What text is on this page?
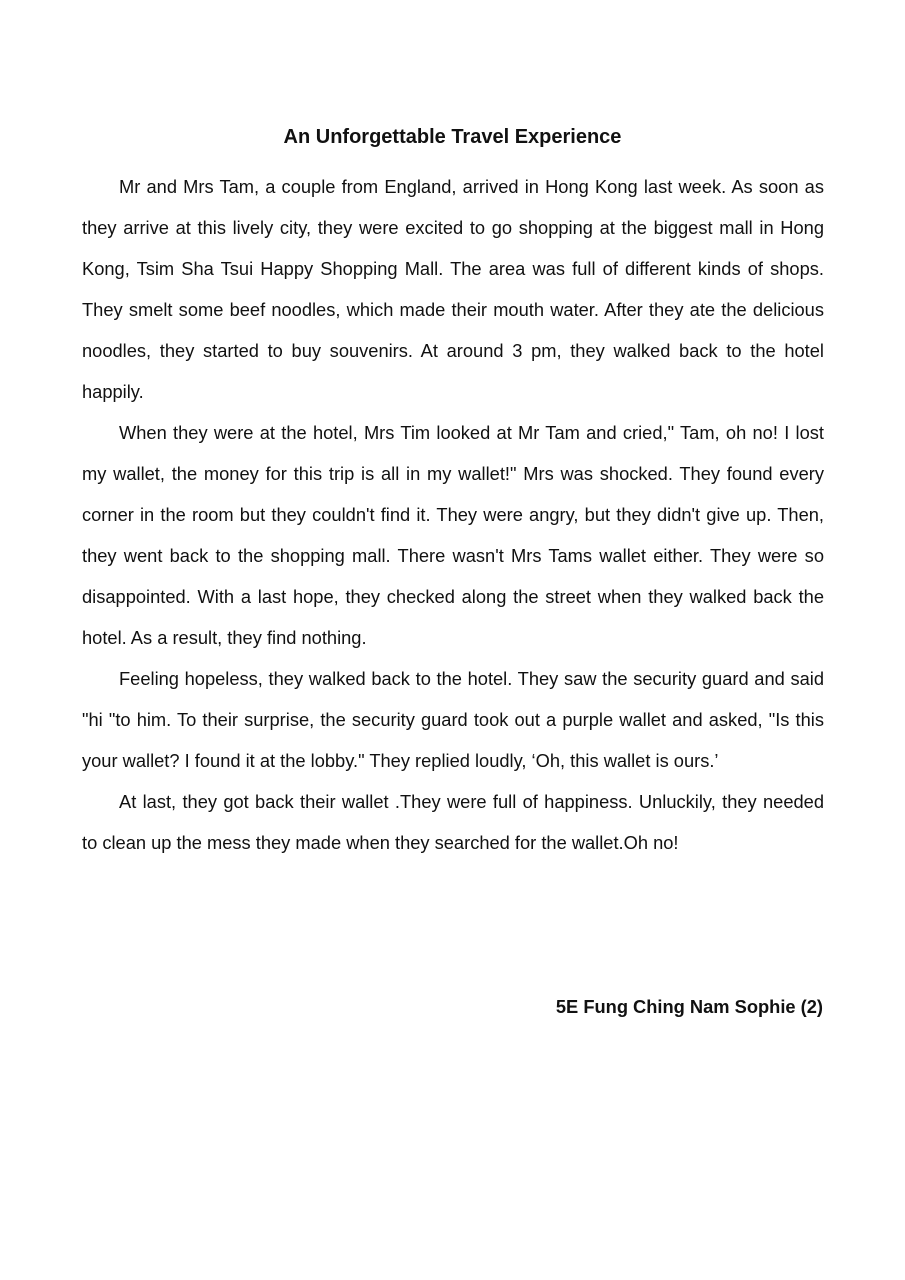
An Unforgettable Travel Experience

Mr and Mrs Tam, a couple from England, arrived in Hong Kong last week. As soon as they arrive at this lively city, they were excited to go shopping at the biggest mall in Hong Kong, Tsim Sha Tsui Happy Shopping Mall. The area was full of different kinds of shops. They smelt some beef noodles, which made their mouth water. After they ate the delicious noodles, they started to buy souvenirs. At around 3 pm, they walked back to the hotel happily.

When they were at the hotel, Mrs Tim looked at Mr Tam and cried," Tam, oh no! I lost my wallet, the money for this trip is all in my wallet!" Mrs was shocked. They found every corner in the room but they couldn't find it. They were angry, but they didn't give up. Then, they went back to the shopping mall. There wasn't Mrs Tams wallet either. They were so disappointed. With a last hope, they checked along the street when they walked back the hotel. As a result, they find nothing.

Feeling hopeless, they walked back to the hotel. They saw the security guard and said "hi "to him. To their surprise, the security guard took out a purple wallet and asked, "Is this your wallet? I found it at the lobby." They replied loudly, ‘Oh, this wallet is ours.’

At last, they got back their wallet .They were full of happiness. Unluckily, they needed to clean up the mess they made when they searched for the wallet.Oh no!

5E Fung Ching Nam Sophie (2)
